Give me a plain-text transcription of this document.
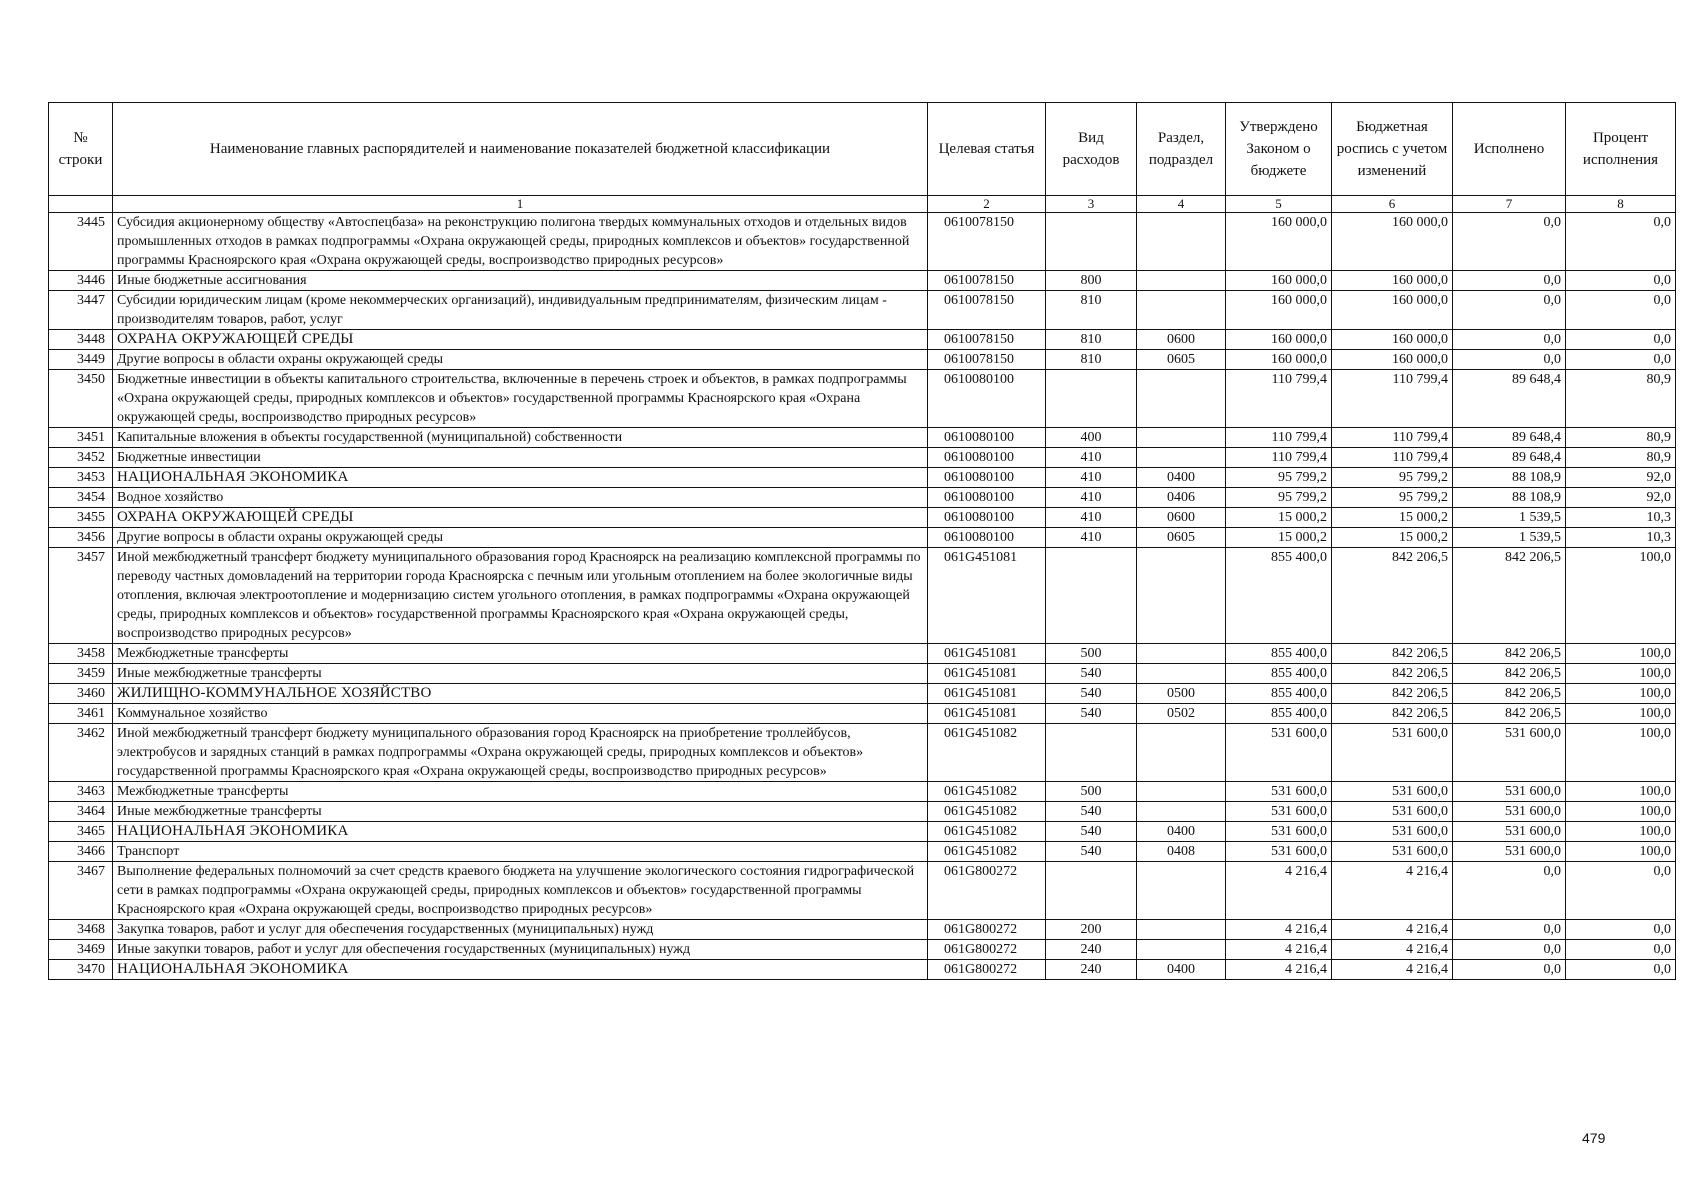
№ строки	Наименование главных распорядителей и наименование показателей бюджетной классификации	Целевая статья	Вид расходов	Раздел, подраздел	Утверждено Законом о бюджете	Бюджетная роспись с учетом изменений	Исполнено	Процент исполнения
	1	2	3	4	5	6	7	8
3445	Субсидия акционерному обществу «Автоспецбаза» на реконструкцию полигона твердых коммунальных отходов и отдельных видов промышленных отходов в рамках подпрограммы «Охрана окружающей среды, природных комплексов и объектов» государственной программы Красноярского края «Охрана окружающей среды, воспроизводство природных ресурсов»	0610078150			160 000,0	160 000,0	0,0	0,0
3446	Иные бюджетные ассигнования	0610078150	800		160 000,0	160 000,0	0,0	0,0
3447	Субсидии юридическим лицам (кроме некоммерческих организаций), индивидуальным предпринимателям, физическим лицам - производителям товаров, работ, услуг	0610078150	810		160 000,0	160 000,0	0,0	0,0
3448	ОХРАНА ОКРУЖАЮЩЕЙ СРЕДЫ	0610078150	810	0600	160 000,0	160 000,0	0,0	0,0
3449	Другие вопросы в области охраны окружающей среды	0610078150	810	0605	160 000,0	160 000,0	0,0	0,0
3450	Бюджетные инвестиции в объекты капитального строительства, включенные в перечень строек и объектов, в рамках подпрограммы «Охрана окружающей среды, природных комплексов и объектов» государственной программы Красноярского края «Охрана окружающей среды, воспроизводство природных ресурсов»	0610080100			110 799,4	110 799,4	89 648,4	80,9
3451	Капитальные вложения в объекты государственной (муниципальной) собственности	0610080100	400		110 799,4	110 799,4	89 648,4	80,9
3452	Бюджетные инвестиции	0610080100	410		110 799,4	110 799,4	89 648,4	80,9
3453	НАЦИОНАЛЬНАЯ ЭКОНОМИКА	0610080100	410	0400	95 799,2	95 799,2	88 108,9	92,0
3454	Водное хозяйство	0610080100	410	0406	95 799,2	95 799,2	88 108,9	92,0
3455	ОХРАНА ОКРУЖАЮЩЕЙ СРЕДЫ	0610080100	410	0600	15 000,2	15 000,2	1 539,5	10,3
3456	Другие вопросы в области охраны окружающей среды	0610080100	410	0605	15 000,2	15 000,2	1 539,5	10,3
3457	Иной межбюджетный трансферт бюджету муниципального образования город Красноярск на реализацию комплексной программы по переводу частных домовладений на территории города Красноярска с печным или угольным отоплением на более экологичные виды отопления, включая электроотопление и модернизацию систем угольного отопления, в рамках подпрограммы «Охрана окружающей среды, природных комплексов и объектов» государственной программы Красноярского края «Охрана окружающей среды, воспроизводство природных ресурсов»	061G451081			855 400,0	842 206,5	842 206,5	100,0
3458	Межбюджетные трансферты	061G451081	500		855 400,0	842 206,5	842 206,5	100,0
3459	Иные межбюджетные трансферты	061G451081	540		855 400,0	842 206,5	842 206,5	100,0
3460	ЖИЛИЩНО-КОММУНАЛЬНОЕ ХОЗЯЙСТВО	061G451081	540	0500	855 400,0	842 206,5	842 206,5	100,0
3461	Коммунальное хозяйство	061G451081	540	0502	855 400,0	842 206,5	842 206,5	100,0
3462	Иной межбюджетный трансферт бюджету муниципального образования город Красноярск на приобретение троллейбусов, электробусов и зарядных станций в рамках подпрограммы «Охрана окружающей среды, природных комплексов и объектов» государственной программы Красноярского края «Охрана окружающей среды, воспроизводство природных ресурсов»	061G451082			531 600,0	531 600,0	531 600,0	100,0
3463	Межбюджетные трансферты	061G451082	500		531 600,0	531 600,0	531 600,0	100,0
3464	Иные межбюджетные трансферты	061G451082	540		531 600,0	531 600,0	531 600,0	100,0
3465	НАЦИОНАЛЬНАЯ ЭКОНОМИКА	061G451082	540	0400	531 600,0	531 600,0	531 600,0	100,0
3466	Транспорт	061G451082	540	0408	531 600,0	531 600,0	531 600,0	100,0
3467	Выполнение федеральных полномочий за счет средств краевого бюджета на улучшение экологического состояния гидрографической сети в рамках подпрограммы «Охрана окружающей среды, природных комплексов и объектов» государственной программы Красноярского края «Охрана окружающей среды, воспроизводство природных ресурсов»	061G800272			4 216,4	4 216,4	0,0	0,0
3468	Закупка товаров, работ и услуг для обеспечения государственных (муниципальных) нужд	061G800272	200		4 216,4	4 216,4	0,0	0,0
3469	Иные закупки товаров, работ и услуг для обеспечения государственных (муниципальных) нужд	061G800272	240		4 216,4	4 216,4	0,0	0,0
3470	НАЦИОНАЛЬНАЯ ЭКОНОМИКА	061G800272	240	0400	4 216,4	4 216,4	0,0	0,0
479
